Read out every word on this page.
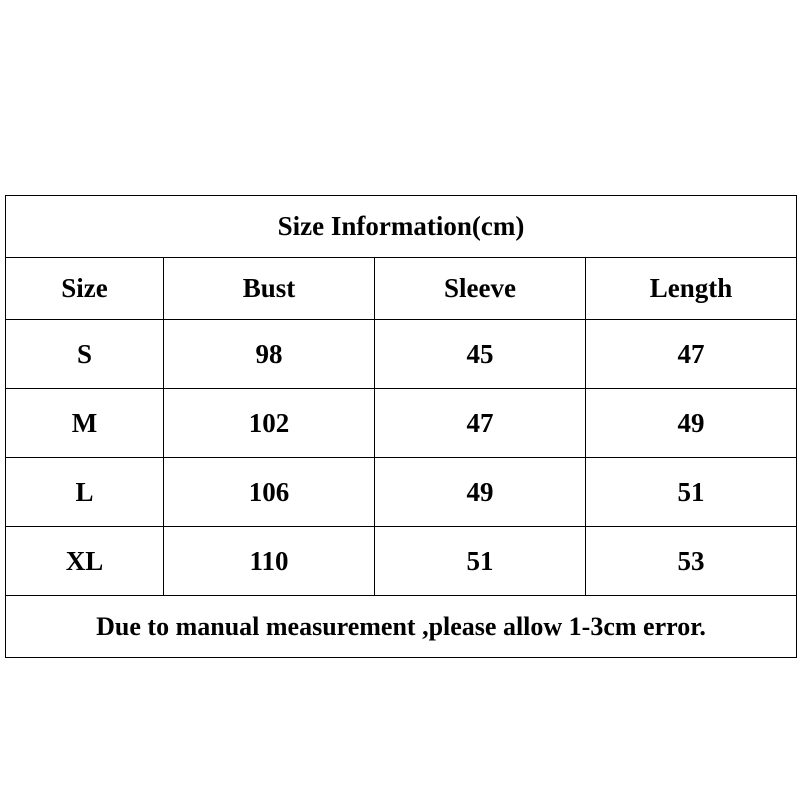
Size Information(cm)			
Size	Bust	Sleeve	Length
S	98	45	47
M	102	47	49
L	106	49	51
XL	110	51	53
Due to manual measurement ,please allow 1-3cm error.			
